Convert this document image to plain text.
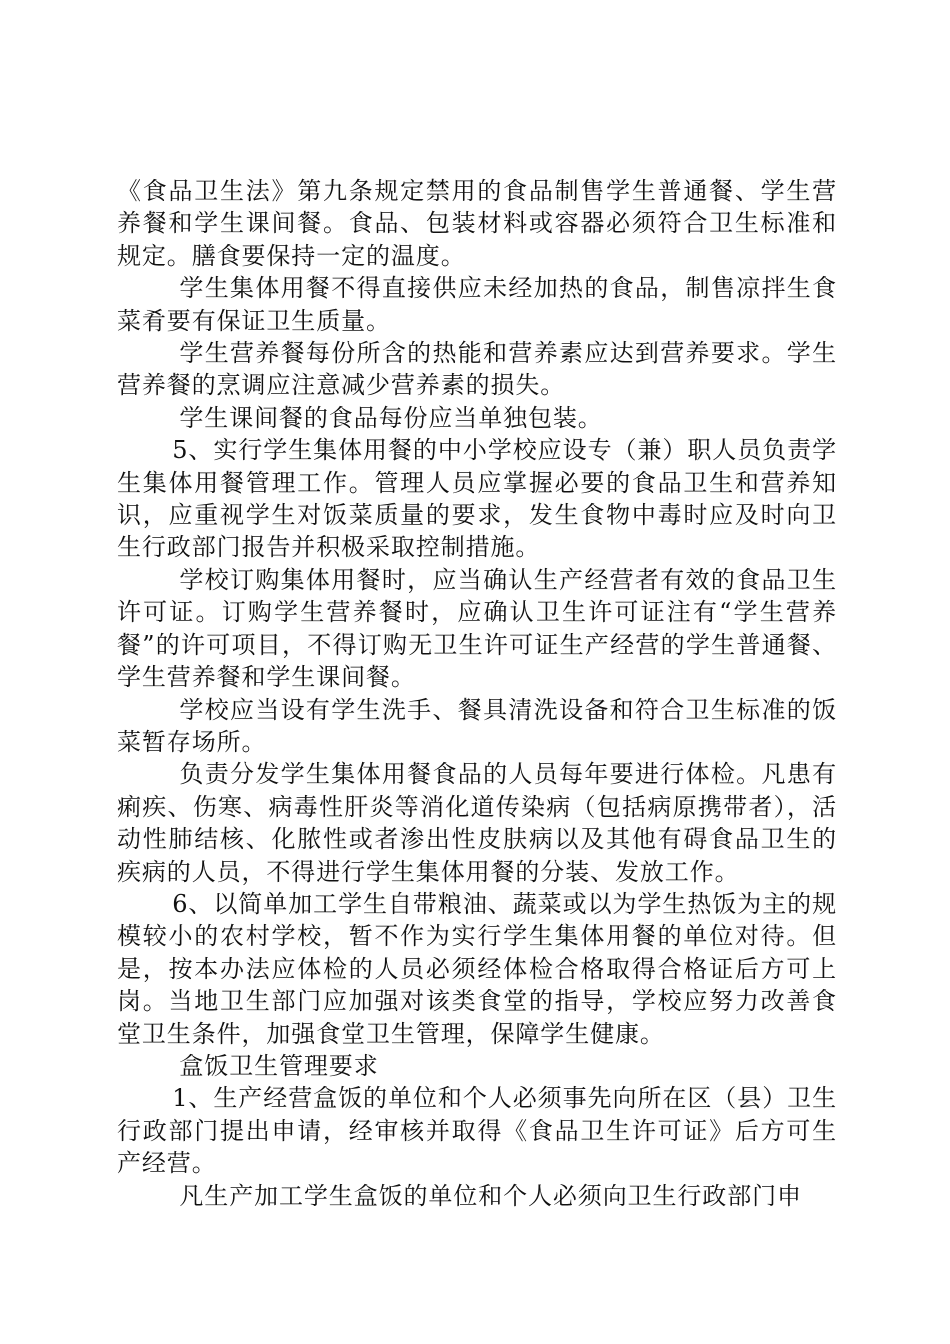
《食品卫生法》第九条规定禁用的食品制售学生普通餐、学生营养餐和学生课间餐。食品、包装材料或容器必须符合卫生标准和规定。膳食要保持一定的温度。

学生集体用餐不得直接供应未经加热的食品，制售凉拌生食菜肴要有保证卫生质量。

学生营养餐每份所含的热能和营养素应达到营养要求。学生营养餐的烹调应注意减少营养素的损失。

学生课间餐的食品每份应当单独包装。

5、实行学生集体用餐的中小学校应设专（兼）职人员负责学生集体用餐管理工作。管理人员应掌握必要的食品卫生和营养知识，应重视学生对饭菜质量的要求，发生食物中毒时应及时向卫生行政部门报告并积极采取控制措施。

学校订购集体用餐时，应当确认生产经营者有效的食品卫生许可证。订购学生营养餐时，应确认卫生许可证注有“学生营养餐”的许可项目，不得订购无卫生许可证生产经营的学生普通餐、学生营养餐和学生课间餐。

学校应当设有学生洗手、餐具清洗设备和符合卫生标准的饭菜暂存场所。

负责分发学生集体用餐食品的人员每年要进行体检。凡患有痢疾、伤寒、病毒性肝炎等消化道传染病（包括病原携带者），活动性肺结核、化脓性或者渗出性皮肤病以及其他有碍食品卫生的疾病的人员，不得进行学生集体用餐的分装、发放工作。

6、以简单加工学生自带粮油、蔬菜或以为学生热饭为主的规模较小的农村学校，暂不作为实行学生集体用餐的单位对待。但是，按本办法应体检的人员必须经体检合格取得合格证后方可上岗。当地卫生部门应加强对该类食堂的指导，学校应努力改善食堂卫生条件，加强食堂卫生管理，保障学生健康。

盒饭卫生管理要求

1、生产经营盒饭的单位和个人必须事先向所在区（县）卫生行政部门提出申请，经审核并取得《食品卫生许可证》后方可生产经营。

凡生产加工学生盒饭的单位和个人必须向卫生行政部门申
